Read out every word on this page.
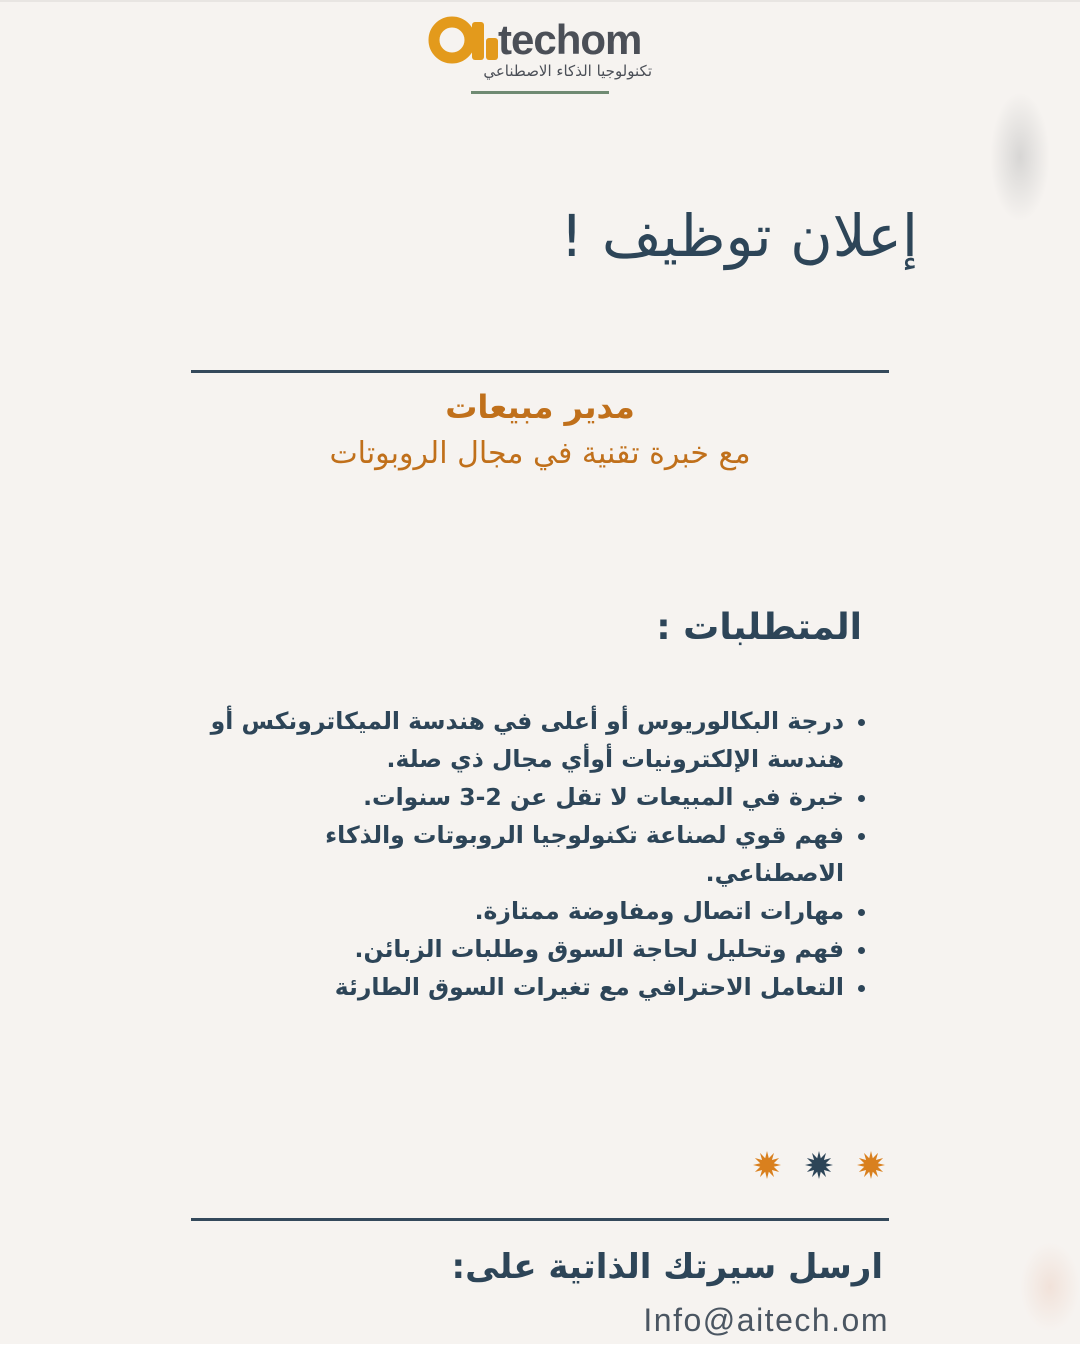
techom
تكنولوجيا الذكاء الاصطناعي
إعلان توظيف !
مدير مبيعات
مع خبرة تقنية في مجال الروبوتات
المتطلبات :
• درجة البكالوريوس أو أعلى في هندسة الميكاترونكس أو هندسة الإلكترونيات أوأي مجال ذي صلة.
• خبرة في المبيعات لا تقل عن 2-3 سنوات.
• فهم قوي لصناعة تكنولوجيا الروبوتات والذكاء الاصطناعي.
• مهارات اتصال ومفاوضة ممتازة.
• فهم وتحليل لحاجة السوق وطلبات الزبائن.
• التعامل الاحترافي مع تغيرات السوق الطارئة
ارسل سيرتك الذاتية على:
Info@aitech.om
